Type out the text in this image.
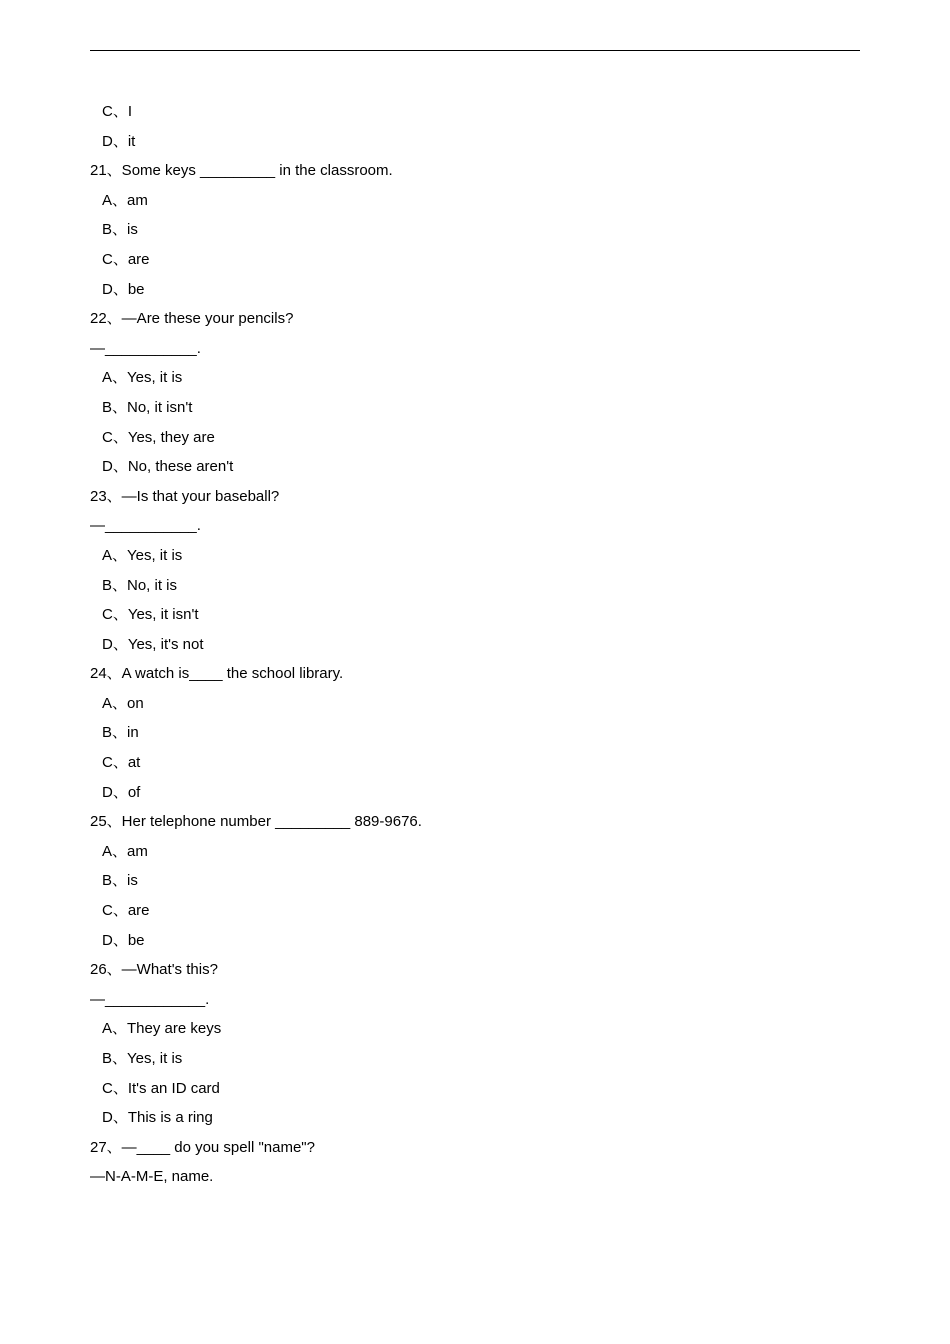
C、I
D、it
21、Some keys _________ in the classroom.
A、am
B、is
C、are
D、be
22、—Are these your pencils?
—___________.
A、Yes, it is
B、No, it isn't
C、Yes, they are
D、No, these aren't
23、—Is that your baseball?
—___________.
A、Yes, it is
B、No, it is
C、Yes, it isn't
D、Yes, it's not
24、A watch is____ the school library.
A、on
B、in
C、at
D、of
25、Her telephone number _________ 889-9676.
A、am
B、is
C、are
D、be
26、—What's this?
—____________.
A、They are keys
B、Yes, it is
C、It's an ID card
D、This is a ring
27、—____ do you spell "name"?
—N-A-M-E, name.
